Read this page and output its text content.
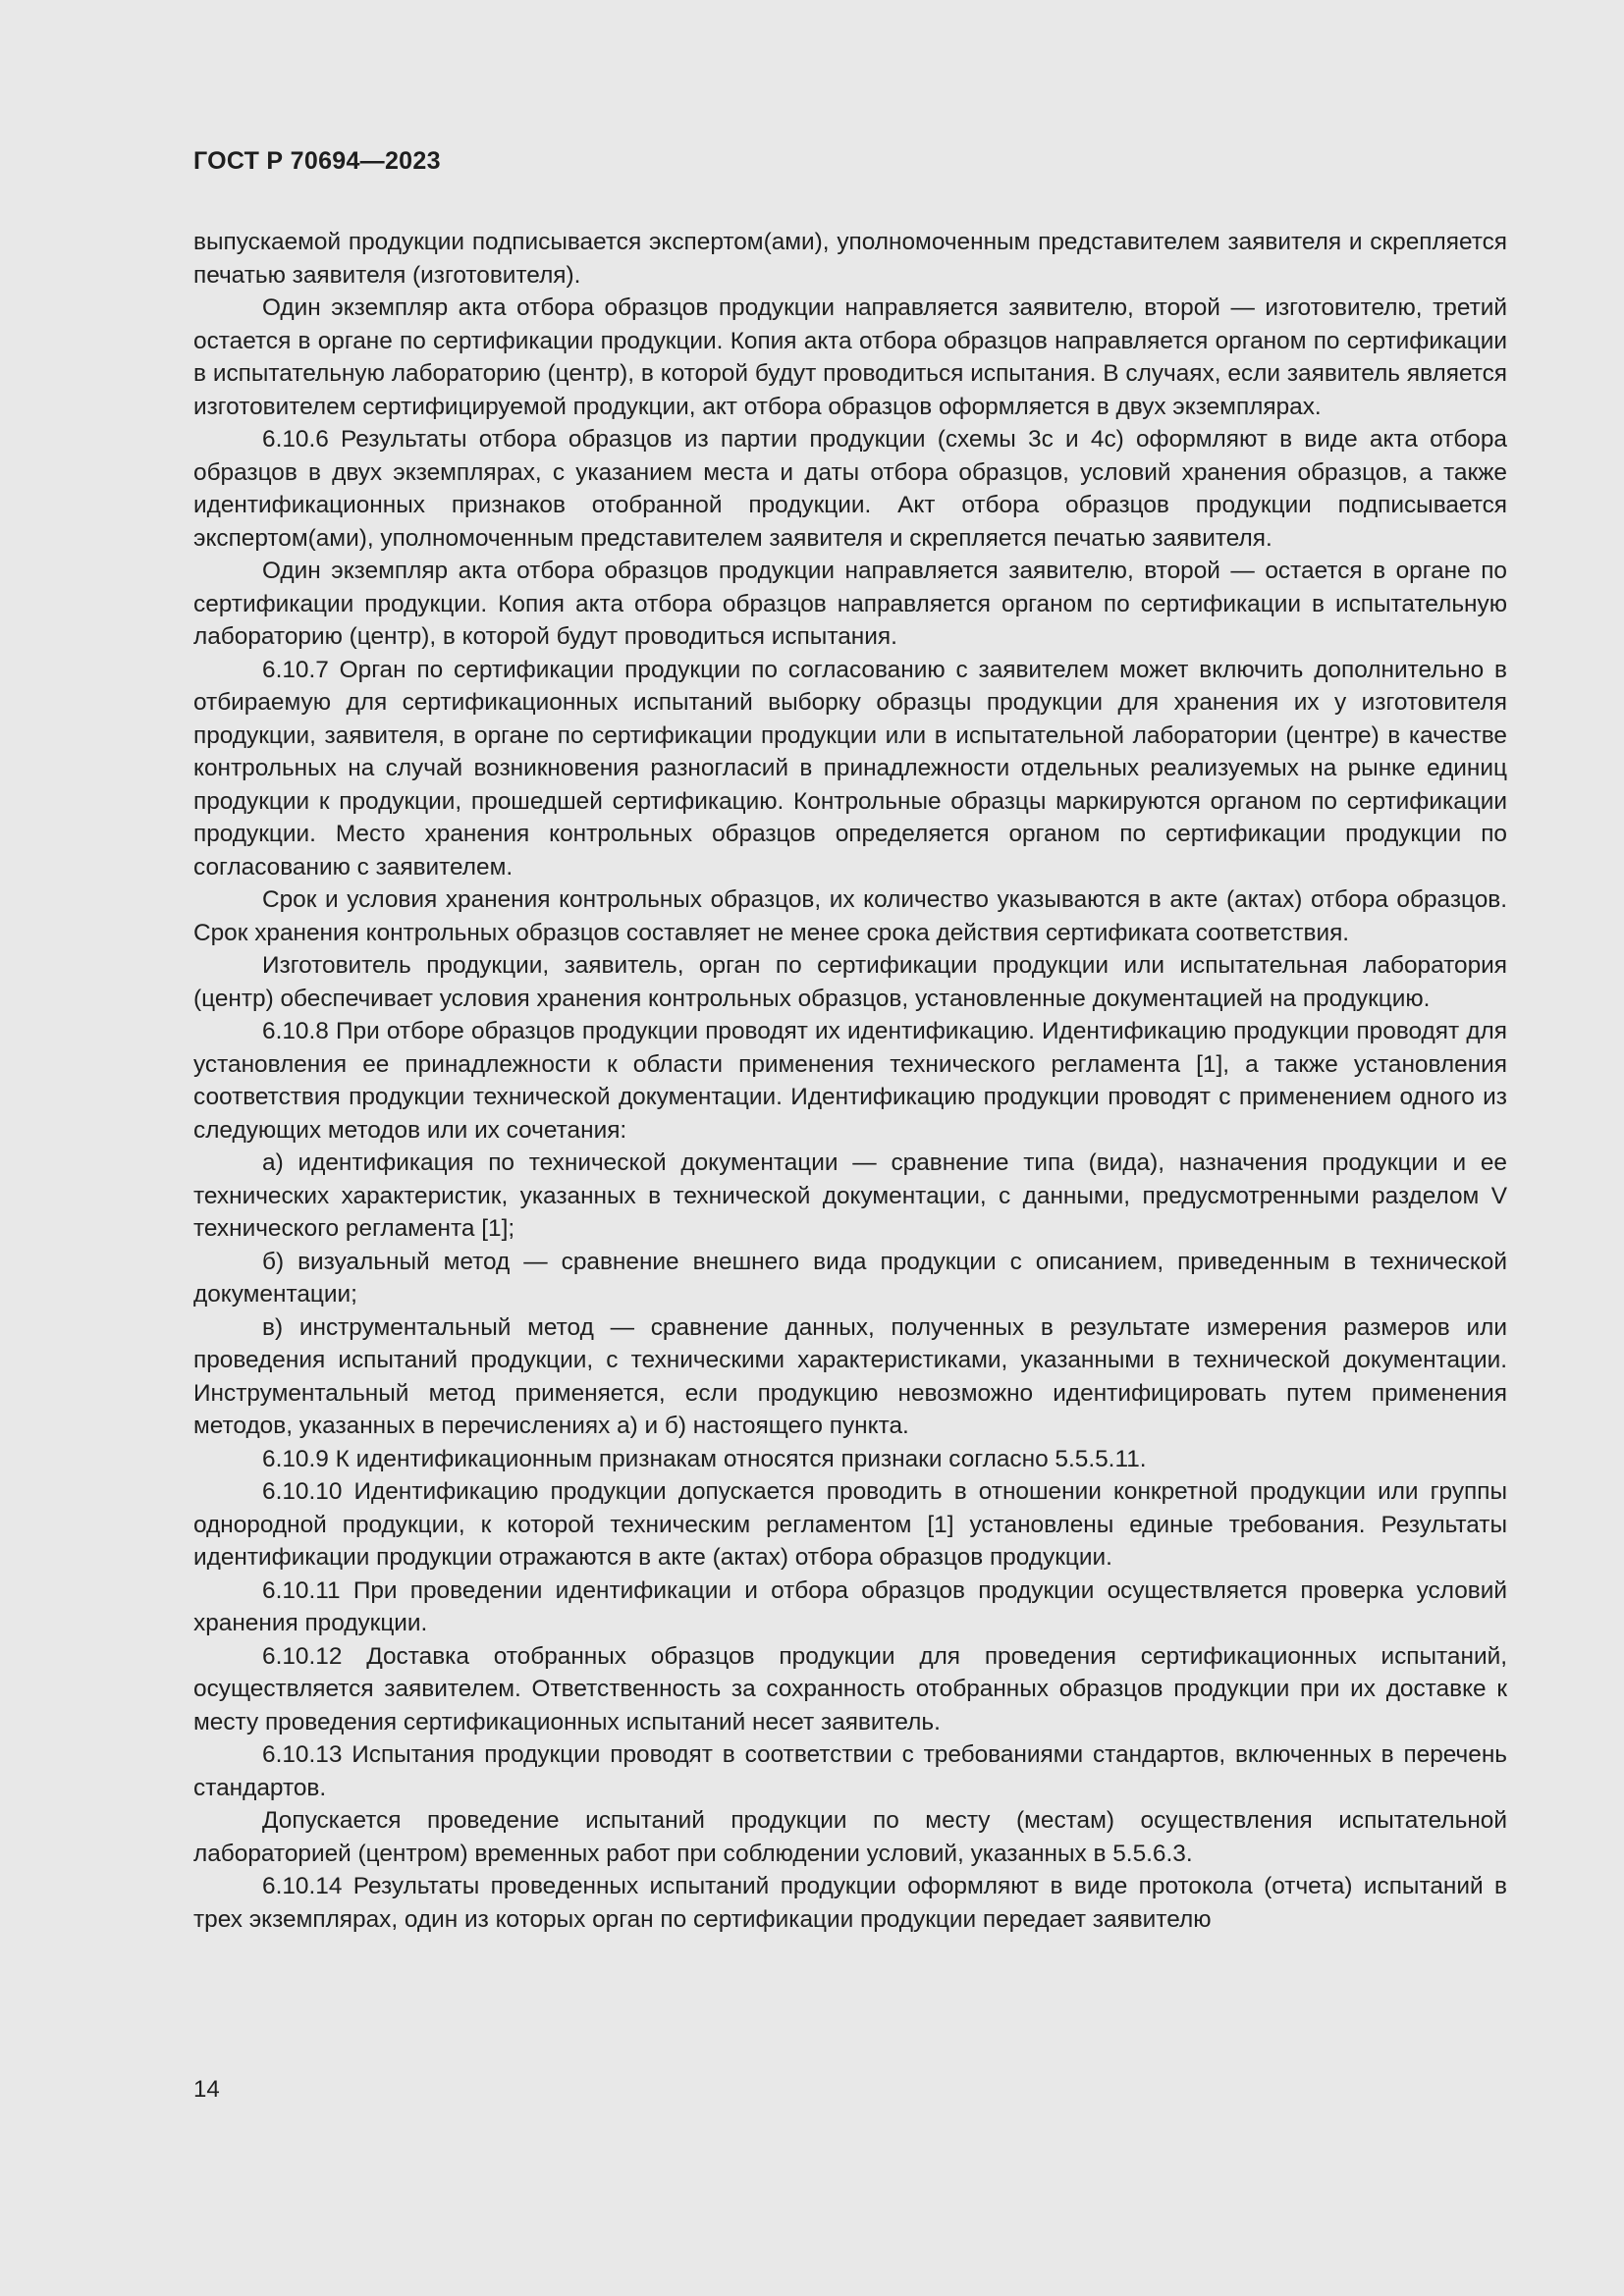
ГОСТ Р 70694—2023

выпускаемой продукции подписывается экспертом(ами), уполномоченным представителем заявителя и скрепляется печатью заявителя (изготовителя).

Один экземпляр акта отбора образцов продукции направляется заявителю, второй — изготовителю, третий остается в органе по сертификации продукции. Копия акта отбора образцов направляется органом по сертификации в испытательную лабораторию (центр), в которой будут проводиться испытания. В случаях, если заявитель является изготовителем сертифицируемой продукции, акт отбора образцов оформляется в двух экземплярах.

6.10.6 Результаты отбора образцов из партии продукции (схемы 3с и 4с) оформляют в виде акта отбора образцов в двух экземплярах, с указанием места и даты отбора образцов, условий хранения образцов, а также идентификационных признаков отобранной продукции. Акт отбора образцов продукции подписывается экспертом(ами), уполномоченным представителем заявителя и скрепляется печатью заявителя.

Один экземпляр акта отбора образцов продукции направляется заявителю, второй — остается в органе по сертификации продукции. Копия акта отбора образцов направляется органом по сертификации в испытательную лабораторию (центр), в которой будут проводиться испытания.

6.10.7 Орган по сертификации продукции по согласованию с заявителем может включить дополнительно в отбираемую для сертификационных испытаний выборку образцы продукции для хранения их у изготовителя продукции, заявителя, в органе по сертификации продукции или в испытательной лаборатории (центре) в качестве контрольных на случай возникновения разногласий в принадлежности отдельных реализуемых на рынке единиц продукции к продукции, прошедшей сертификацию. Контрольные образцы маркируются органом по сертификации продукции. Место хранения контрольных образцов определяется органом по сертификации продукции по согласованию с заявителем.

Срок и условия хранения контрольных образцов, их количество указываются в акте (актах) отбора образцов. Срок хранения контрольных образцов составляет не менее срока действия сертификата соответствия.

Изготовитель продукции, заявитель, орган по сертификации продукции или испытательная лаборатория (центр) обеспечивает условия хранения контрольных образцов, установленные документацией на продукцию.

6.10.8 При отборе образцов продукции проводят их идентификацию. Идентификацию продукции проводят для установления ее принадлежности к области применения технического регламента [1], а также установления соответствия продукции технической документации. Идентификацию продукции проводят с применением одного из следующих методов или их сочетания:

а) идентификация по технической документации — сравнение типа (вида), назначения продукции и ее технических характеристик, указанных в технической документации, с данными, предусмотренными разделом V технического регламента [1];

б) визуальный метод — сравнение внешнего вида продукции с описанием, приведенным в технической документации;

в) инструментальный метод — сравнение данных, полученных в результате измерения размеров или проведения испытаний продукции, с техническими характеристиками, указанными в технической документации. Инструментальный метод применяется, если продукцию невозможно идентифицировать путем применения методов, указанных в перечислениях а) и б) настоящего пункта.

6.10.9 К идентификационным признакам относятся признаки согласно 5.5.5.11.

6.10.10 Идентификацию продукции допускается проводить в отношении конкретной продукции или группы однородной продукции, к которой техническим регламентом [1] установлены единые требования. Результаты идентификации продукции отражаются в акте (актах) отбора образцов продукции.

6.10.11 При проведении идентификации и отбора образцов продукции осуществляется проверка условий хранения продукции.

6.10.12 Доставка отобранных образцов продукции для проведения сертификационных испытаний, осуществляется заявителем. Ответственность за сохранность отобранных образцов продукции при их доставке к месту проведения сертификационных испытаний несет заявитель.

6.10.13 Испытания продукции проводят в соответствии с требованиями стандартов, включенных в перечень стандартов.

Допускается проведение испытаний продукции по месту (местам) осуществления испытательной лабораторией (центром) временных работ при соблюдении условий, указанных в 5.5.6.3.

6.10.14 Результаты проведенных испытаний продукции оформляют в виде протокола (отчета) испытаний в трех экземплярах, один из которых орган по сертификации продукции передает заявителю

14
